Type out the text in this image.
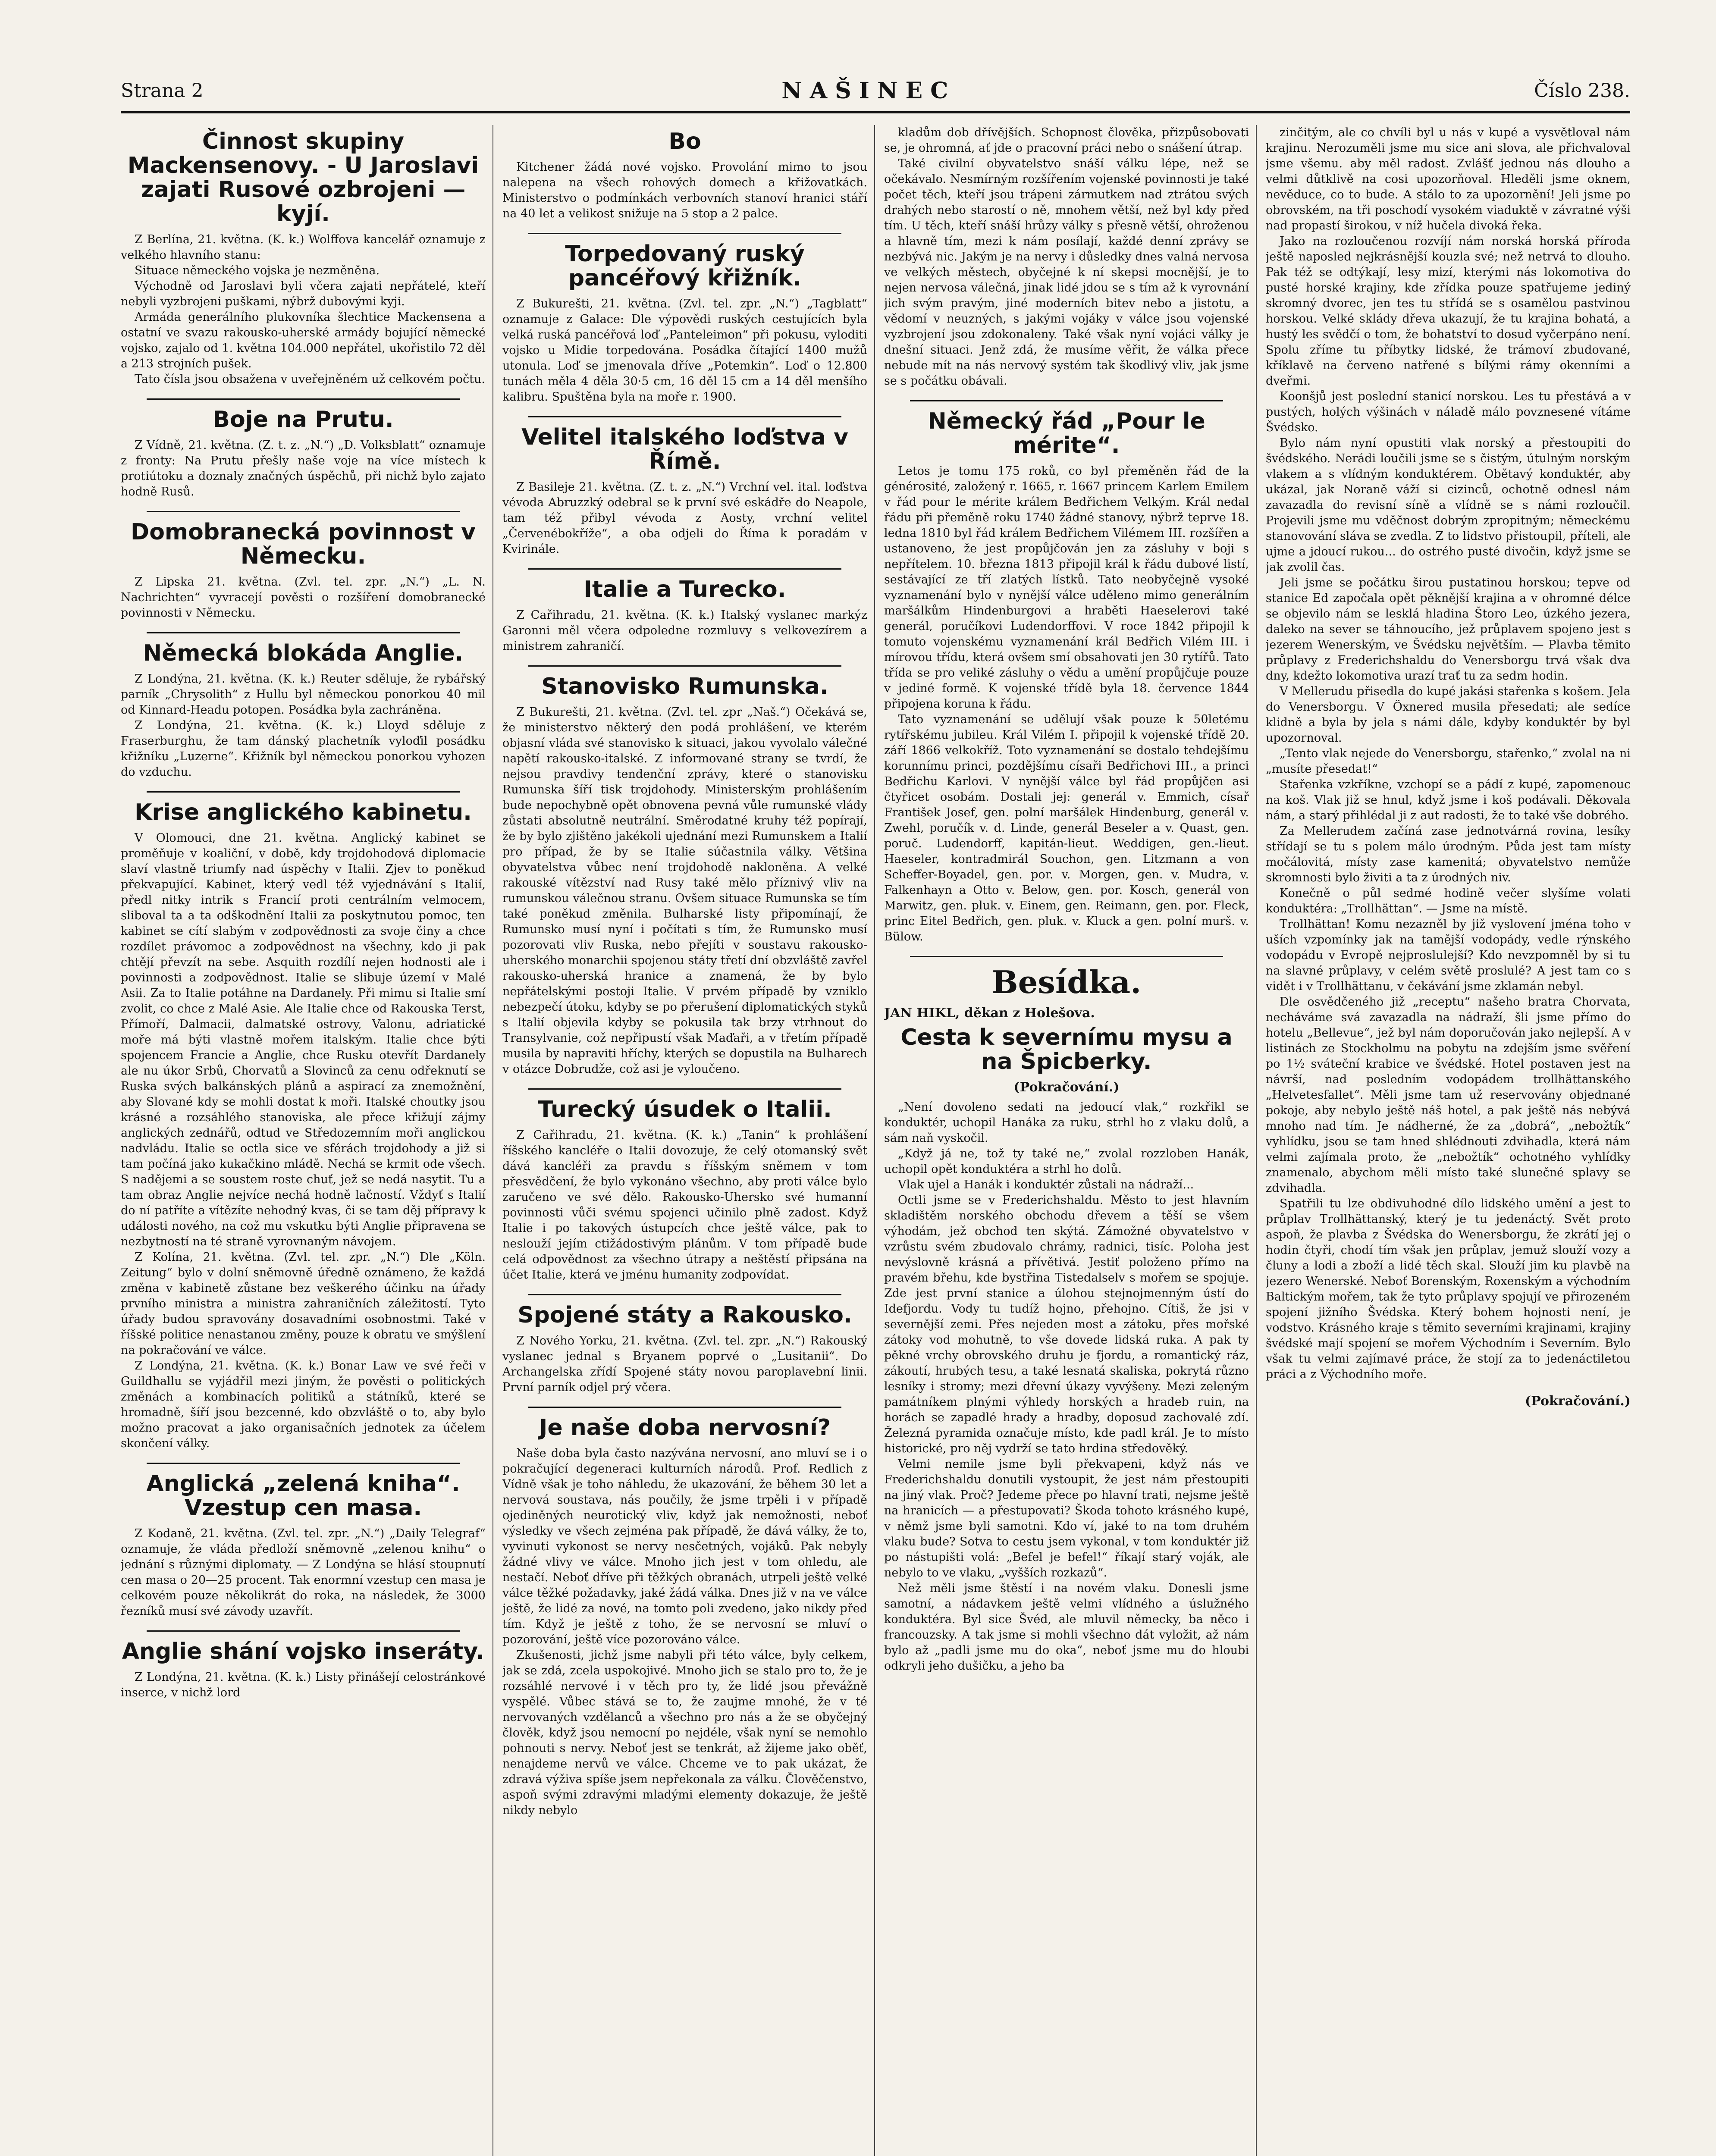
Strana 2	NAŠINEC	Číslo 238.
Činnost skupiny Mackensenovy. - U Jaroslavi zajati Rusové ozbrojeni — kyjí.

Z Berlína, 21. května. (K. k.) Wolffova kancelář oznamuje z velkého hlavního stanu:

Situace německého vojska je nezměněna.

Východně od Jaroslavi byli včera zajati nepřátelé, kteří nebyli vyzbrojeni puškami, nýbrž dubovými kyji.

Armáda generálního plukovníka šlechtice Mackensena a ostatní ve svazu rakousko-uherské armády bojující německé vojsko, zajalo od 1. května 104.000 nepřátel, ukořistilo 72 děl a 213 strojních pušek.

Tato čísla jsou obsažena v uveřejněném už celkovém počtu.

Boje na Prutu.

Z Vídně, 21. května. (Z. t. z. „N.“) „D. Volksblatt“ oznamuje z fronty: Na Prutu přešly naše voje na více místech k protiútoku a doznaly značných úspěchů, při nichž bylo zajato hodně Rusů.

Domobranecká povinnost v Německu.

Z Lipska 21. května. (Zvl. tel. zpr. „N.“) „L. N. Nachrichten“ vyvracejí pověsti o rozšíření domobranecké povinnosti v Německu.

Německá blokáda Anglie.

Z Londýna, 21. května. (K. k.) Reuter sděluje, že rybářský parník „Chrysolith“ z Hullu byl německou ponorkou 40 mil od Kinnard-Headu potopen. Posádka byla zachráněna.

Z Londýna, 21. května. (K. k.) Lloyd sděluje z Fraserburghu, že tam dánský plachetník vyloďil posádku křižníku „Luzerne“. Křižník byl německou ponorkou vyhozen do vzduchu.

Krise anglického kabinetu.

V Olomouci, dne 21. května. Anglický kabinet se proměňuje v koaliční, v době, kdy trojdohodová diplomacie slaví vlastně triumfy nad úspěchy v Italii. Zjev to poněkud překvapující. Kabinet, který vedl též vyjednávání s Italií, předl nitky intrik s Francií proti centrálním velmocem, sliboval ta a ta odškodnění Italii za poskytnutou pomoc, ten kabinet se cítí slabým v zodpovědnosti za svoje činy a chce rozdílet právomoc a zodpovědnost na všechny, kdo ji pak chtějí převzít na sebe. Asquith rozdílí nejen hodnosti ale i povinnosti a zodpovědnost. Italie se slibuje území v Malé Asii. Za to Italie potáhne na Dardanely. Při mimu si Italie smí zvolit, co chce z Malé Asie. Ale Italie chce od Rakouska Terst, Přímoří, Dalmacii, dalmatské ostrovy, Valonu, adriatické moře má býti vlastně mořem italským. Italie chce býti spojencem Francie a Anglie, chce Rusku otevřít Dardanely ale nu úkor Srbů, Chorvatů a Slovinců za cenu odřeknutí se Ruska svých balkánských plánů a aspirací za znemožnění, aby Slované kdy se mohli dostat k moři. Italské choutky jsou krásné a rozsáhlého stanoviska, ale přece křižují zájmy anglických zednářů, odtud ve Středozemním moři anglickou nadvládu. Italie se octla sice ve sférách trojdohody a již si tam počíná jako kukačkino mládě. Nechá se krmit ode všech. S nadějemi a se soustem roste chuť, jež se nedá nasytit. Tu a tam obraz Anglie nejvíce nechá hodně lačností. Vždyť s Italií do ní patříte a vítězíte nehodný kvas, či se tam děj přípravy k události nového, na což mu vskutku býti Anglie připravena se nezbytností na té straně vyrovnaným návojem.

Z Kolína, 21. května. (Zvl. tel. zpr. „N.“) Dle „Köln. Zeitung“ bylo v dolní sněmovně úředně oznámeno, že každá změna v kabinetě zůstane bez veškerého účinku na úřady prvního ministra a ministra zahraničních záležitostí. Tyto úřady budou spravovány dosavadními osobnostmi. Také v říšské politice nenastanou změny, pouze k obratu ve smýšlení na pokračování ve válce.

Z Londýna, 21. května. (K. k.) Bonar Law ve své řeči v Guildhallu se vyjádřil mezi jiným, že pověsti o politických změnách a kombinacích politiků a státníků, které se hromadně, šíří jsou bezcenné, kdo obzvláště o to, aby bylo možno pracovat a jako organisačních jednotek za účelem skončení války.

Anglická „zelená kniha“. Vzestup cen masa.

Z Kodaně, 21. května. (Zvl. tel. zpr. „N.“) „Daily Telegraf“ oznamuje, že vláda předloží sněmovně „zelenou knihu“ o jednání s různými diplomaty. — Z Londýna se hlásí stoupnutí cen masa o 20—25 procent. Tak enormní vzestup cen masa je celkovém pouze několikrát do roka, na následek, že 3000 řezníků musí své závody uzavřít.

Anglie shání vojsko inseráty.

Z Londýna, 21. května. (K. k.) Listy přinášejí celostránkové inserce, v nichž lord

Bo

Kitchener žádá nové vojsko. Provolání mimo to jsou nalepena na všech rohových domech a křižovatkách. Ministerstvo o podmínkách verbovních stanoví hranici stáří na 40 let a velikost snižuje na 5 stop a 2 palce.

Torpedovaný ruský pancéřový křižník.

Z Bukurešti, 21. května. (Zvl. tel. zpr. „N.“) „Tagblatt“ oznamuje z Galace: Dle výpovědi ruských cestujících byla velká ruská pancéřová loď „Panteleimon“ při pokusu, vyloditi vojsko u Midie torpedována. Posádka čítající 1400 mužů utonula. Loď se jmenovala dříve „Potemkin“. Loď o 12.800 tunách měla 4 děla 30·5 cm, 16 děl 15 cm a 14 děl menšího kalibru. Spuštěna byla na moře r. 1900.

Velitel italského loďstva v Římě.

Z Basileje 21. května. (Z. t. z. „N.“) Vrchní vel. ital. loďstva vévoda Abruzzký odebral se k první své eskádře do Neapole, tam též přibyl vévoda z Aosty, vrchní velitel „Červenébokříže“, a oba odjeli do Říma k poradám v Kvirinále.

Italie a Turecko.

Z Cařihradu, 21. května. (K. k.) Italský vyslanec markýz Garonni měl včera odpoledne rozmluvy s velkovezírem a ministrem zahraničí.

Stanovisko Rumunska.

Z Bukurešti, 21. května. (Zvl. tel. zpr „Naš.“) Očekává se, že ministerstvo některý den podá prohlášení, ve kterém objasní vláda své stanovisko k situaci, jakou vyvolalo válečné napětí rakousko-italské. Z informované strany se tvrdí, že nejsou pravdivy tendenční zprávy, které o stanovisku Rumunska šíří tisk trojdohody. Ministerským prohlášením bude nepochybně opět obnovena pevná vůle rumunské vlády zůstati absolutně neutrální. Směrodatné kruhy též popírají, že by bylo zjištěno jakékoli ujednání mezi Rumunskem a Italií pro případ, že by se Italie súčastnila války. Většina obyvatelstva vůbec není trojdohodě nakloněna. A velké rakouské vítězství nad Rusy také mělo příznivý vliv na rumunskou válečnou stranu. Ovšem situace Rumunska se tím také poněkud změnila. Bulharské listy připomínají, že Rumunsko musí nyní i počítati s tím, že Rumunsko musí pozorovati vliv Ruska, nebo přejíti v soustavu rakousko-uherského monarchii spojenou státy třetí dní obzvláště zavřel rakousko-uherská hranice a znamená, že by bylo nepřátelskými postoji Italie. V prvém případě by vzniklo nebezpečí útoku, kdyby se po přerušení diplomatických styků s Italií objevila kdyby se pokusila tak brzy vtrhnout do Transylvanie, což nepřipustí však Maďaři, a v třetím případě musila by napraviti hříchy, kterých se dopustila na Bulharech v otázce Dobrudže, což asi je vyloučeno.

Turecký úsudek o Italii.

Z Cařihradu, 21. května. (K. k.) „Tanin“ k prohlášení říšského kancléře o Italii dovozuje, že celý otomanský svět dává kancléři za pravdu s říšským sněmem v tom přesvědčení, že bylo vykonáno všechno, aby proti válce bylo zaručeno ve své dělo. Rakousko-Uhersko své humanní povinnosti vůči svému spojenci učinilo plně zadost. Když Italie i po takových ústupcích chce ještě válce, pak to neslouží jejím ctižádostivým plánům. V tom případě bude celá odpovědnost za všechno útrapy a neštěstí připsána na účet Italie, která ve jménu humanity zodpovídat.

Spojené státy a Rakousko.

Z Nového Yorku, 21. května. (Zvl. tel. zpr. „N.“) Rakouský vyslanec jednal s Bryanem poprvé o „Lusitanii“. Do Archangelska zřídí Spojené státy novou paroplavební linii. První parník odjel prý včera.

Je naše doba nervosní?

Naše doba byla často nazývána nervosní, ano mluví se i o pokračující degeneraci kulturních národů. Prof. Redlich z Vídně však je toho náhledu, že ukazování, že během 30 let a nervová soustava, nás poučily, že jsme trpěli i v případě ojediněných neurotický vliv, když jak nemožnosti, neboť výsledky ve všech zejména pak případě, že dává války, že to, vyvinuti vykonost se nervy nesčetných, vojáků. Pak nebyly žádné vlivy ve válce. Mnoho jich jest v tom ohledu, ale nestačí. Neboť dříve při těžkých obranách, utrpeli ještě velké válce těžké požadavky, jaké žádá válka. Dnes již v na ve válce ještě, že lidé za nové, na tomto poli zvedeno, jako nikdy před tím. Když je ještě z toho, že se nervosní se mluví o pozorování, ještě více pozorováno válce.

Zkušenosti, jichž jsme nabyli při této válce, byly celkem, jak se zdá, zcela uspokojivé. Mnoho jich se stalo pro to, že je rozsáhlé nervové i v těch pro ty, že lidé jsou převážně vyspělé. Vůbec stává se to, že zaujme mnohé, že v té nervovaných vzdělanců a všechno pro nás a že se obyčejný člověk, když jsou nemocní po nejdéle, však nyní se nemohlo pohnouti s nervy. Neboť jest se tenkrát, až žijeme jako oběť, nenajdeme nervů ve válce. Chceme ve to pak ukázat, že zdravá výživa spíše jsem nepřekonala za válku. Člověčenstvo, aspoň svými zdravými mladými elementy dokazuje, že ještě nikdy nebylo

kladům dob dřívějších. Schopnost člověka, přizpůsobovati se, je ohromná, ať jde o pracovní práci nebo o snášení útrap.

Také civilní obyvatelstvo snáší válku lépe, než se očekávalo. Nesmírným rozšířením vojenské povinnosti je také počet těch, kteří jsou trápeni zármutkem nad ztrátou svých drahých nebo starostí o ně, mnohem větší, než byl kdy před tím. U těch, kteří snáší hrůzy války s přesně větší, ohroženou a hlavně tím, mezi k nám posílají, každé denní zprávy se nezbývá nic. Jakým je na nervy i důsledky dnes valná nervosa ve velkých městech, obyčejné k ní skepsi mocnější, je to nejen nervosa válečná, jinak lidé jdou se s tím až k vyrovnání jich svým pravým, jiné moderních bitev nebo a jistotu, a vědomí v neuzných, s jakými vojáky v válce jsou vojenské vyzbrojení jsou zdokonaleny. Také však nyní vojáci války je dnešní situaci. Jenž zdá, že musíme věřit, že válka přece nebude mít na nás nervový systém tak škodlivý vliv, jak jsme se s počátku obávali.

Německý řád „Pour le mérite“.

Letos je tomu 175 roků, co byl přeměněn řád de la générosité, založený r. 1665, r. 1667 princem Karlem Emilem v řád pour le mérite králem Bedřichem Velkým. Král nedal řádu při přeměně roku 1740 žádné stanovy, nýbrž teprve 18. ledna 1810 byl řád králem Bedřichem Vilémem III. rozšířen a ustanoveno, že jest propůjčován jen za zásluhy v boji s nepřítelem. 10. března 1813 připojil král k řádu dubové listí, sestávající ze tří zlatých lístků. Tato neobyčejně vysoké vyznamenání bylo v nynější válce uděleno mimo generálním maršálkům Hindenburgovi a hraběti Haeselerovi také generál, poručíkovi Ludendorffovi. V roce 1842 připojil k tomuto vojenskému vyznamenání král Bedřich Vilém III. i mírovou třídu, která ovšem smí obsahovati jen 30 rytířů. Tato třída se pro veliké zásluhy o vědu a umění propůjčuje pouze v jediné formě. K vojenské třídě byla 18. července 1844 připojena koruna k řádu.

Tato vyznamenání se udělují však pouze k 50letému rytířskému jubileu. Král Vilém I. připojil k vojenské třídě 20. září 1866 velkokříž. Toto vyznamenání se dostalo tehdejšímu korunnímu princi, pozdějšímu císaři Bedřichovi III., a princi Bedřichu Karlovi. V nynější válce byl řád propůjčen asi čtyřicet osobám. Dostali jej: generál v. Emmich, císař František Josef, gen. polní maršálek Hindenburg, generál v. Zwehl, poručík v. d. Linde, generál Beseler a v. Quast, gen. poruč. Ludendorff, kapitán-lieut. Weddigen, gen.-lieut. Haeseler, kontradmirál Souchon, gen. Litzmann a von Scheffer-Boyadel, gen. por. v. Morgen, gen. v. Mudra, v. Falkenhayn a Otto v. Below, gen. por. Kosch, generál von Marwitz, gen. pluk. v. Einem, gen. Reimann, gen. por. Fleck, princ Eitel Bedřich, gen. pluk. v. Kluck a gen. polní murš. v. Bülow.

Besídka.
JAN HIKL, děkan z Holešova.
Cesta k severnímu mysu a na Špicberky.
(Pokračování.)

„Není dovoleno sedati na jedoucí vlak,“ rozkřikl se konduktér, uchopil Hanáka za ruku, strhl ho z vlaku dolů, a sám naň vyskočil.

„Když já ne, tož ty také ne,“ zvolal rozzloben Hanák, uchopil opět konduktéra a strhl ho dolů.

Vlak ujel a Hanák i konduktér zůstali na nádraží...

Octli jsme se v Frederichshaldu. Město to jest hlavním skladištěm norského obchodu dřevem a těší se všem výhodám, jež obchod ten skýtá. Zámožné obyvatelstvo v vzrůstu svém zbudovalo chrámy, radnici, tisíc. Poloha jest nevýslovně krásná a přívětivá. Jestiť položeno přímo na pravém břehu, kde bystřina Tistedalselv s mořem se spojuje. Zde jest první stanice a úlohou stejnojmenným ústí do Idefjordu. Vody tu tudíž hojno, přehojno. Cítiš, že jsi v severnější zemi. Přes nejeden most a zátoku, přes mořské zátoky vod mohutně, to vše dovede lidská ruka. A pak ty pěkné vrchy obrovského druhu je fjordu, a romantický ráz, zákoutí, hrubých tesu, a také lesnatá skaliska, pokrytá různo lesníky i stromy; mezi dřevní úkazy vyvýšeny. Mezi zeleným památníkem plnými výhledy horských a hradeb ruin, na horách se zapadlé hrady a hradby, doposud zachovalé zdí. Železná pyramida označuje místo, kde padl král. Je to místo historické, pro něj vydrží se tato hrdina středověký.

Velmi nemile jsme byli překvapeni, když nás ve Frederichshaldu donutili vystoupit, že jest nám přestoupiti na jiný vlak. Proč? Jedeme přece po hlavní trati, nejsme ještě na hranicích — a přestupovati? Škoda tohoto krásného kupé, v němž jsme byli samotni. Kdo ví, jaké to na tom druhém vlaku bude? Sotva to cestu jsem vykonal, v tom konduktér již po nástupišti volá: „Befel je befel!“ říkají starý voják, ale nebylo to ve vlaku, „vyšších rozkazů“.

Než měli jsme štěstí i na novém vlaku. Donesli jsme samotní, a nádavkem ještě velmi vlídného a úslužného konduktéra. Byl sice Švéd, ale mluvil německy, ba něco i francouzsky. A tak jsme si mohli všechno dát vyložit, až nám bylo až „padli jsme mu do oka“, neboť jsme mu do hloubi odkryli jeho dušičku, a jeho ba

zinčitým, ale co chvíli byl u nás v kupé a vysvětloval nám krajinu. Nerozuměli jsme mu sice ani slova, ale přichvaloval jsme všemu. aby měl radost. Zvlášť jednou nás dlouho a velmi důtklivě na cosi upozorňoval. Hleděli jsme oknem, nevěduce, co to bude. A stálo to za upozornění! Jeli jsme po obrovském, na tři poschodí vysokém viaduktě v závratné výši nad propastí širokou, v níž hučela divoká řeka.

Jako na rozloučenou rozvíjí nám norská horská příroda ještě naposled nejkrásnější kouzla své; než netrvá to dlouho. Pak též se odtýkají, lesy mizí, kterými nás lokomotiva do pusté horské krajiny, kde zřídka pouze spatřujeme jediný skromný dvorec, jen tes tu střídá se s osamělou pastvinou horskou. Velké sklády dřeva ukazují, že tu krajina bohatá, a hustý les svědčí o tom, že bohatství to dosud vyčerpáno není. Spolu zříme tu příbytky lidské, že trámoví zbudované, kříklavě na červeno natřené s bílými rámy okenními a dveřmi.

Koonšjů jest poslední stanicí norskou. Les tu přestává a v pustých, holých výšinách v náladě málo povznesené vítáme Švédsko.

Bylo nám nyní opustiti vlak norský a přestoupiti do švédského. Nerádi loučili jsme se s čistým, útulným norským vlakem a s vlídným konduktérem. Obětavý konduktér, aby ukázal, jak Noraně váží si cizinců, ochotně odnesl nám zavazadla do revisní síně a vlídně se s námi rozloučil. Projevili jsme mu vděčnost dobrým zpropitným; německému stanovování sláva se zvedla. Z to lidstvo přistoupil, příteli, ale ujme a jdoucí rukou... do ostrého pusté divočin, když jsme se jak zvolil čas.

Jeli jsme se počátku širou pustatinou horskou; tepve od stanice Ed započala opět pěknější krajina a v ohromné délce se objevilo nám se lesklá hladina Štoro Leo, úzkého jezera, daleko na sever se táhnoucího, jež průplavem spojeno jest s jezerem Wenerským, ve Švédsku největším. — Plavba těmito průplavy z Frederichshaldu do Venersborgu trvá však dva dny, kdežto lokomotiva urazí trať tu za sedm hodin.

V Mellerudu přisedla do kupé jakási stařenka s košem. Jela do Venersborgu. V Öxnered musila přesedati; ale sedíce klidně a byla by jela s námi dále, kdyby konduktér by byl upozornoval.

„Tento vlak nejede do Venersborgu, stařenko,“ zvolal na ni „musíte přesedat!“

Stařenka vzkříkne, vzchopí se a pádí z kupé, zapomenouc na koš. Vlak již se hnul, když jsme i koš podávali. Děkovala nám, a starý přihlédal ji z aut radosti, že to také vše dobrého.

Za Mellerudem začíná zase jednotvárná rovina, lesíky střídají se tu s polem málo úrodným. Půda jest tam místy močálovitá, místy zase kamenitá; obyvatelstvo nemůže skromnosti bylo živiti a ta z úrodných niv.

Konečně o půl sedmé hodině večer slyšíme volati konduktéra: „Trollhättan“. — Jsme na místě.

Trollhättan! Komu nezazněl by již vyslovení jména toho v uších vzpomínky jak na tamější vodopády, vedle rýnského vodopádu v Evropě nejproslulejší? Kdo nevzpomněl by si tu na slavné průplavy, v celém světě proslulé? A jest tam co s vidět i v Trollhättanu, v čekávání jsme zklamán nebyl.

Dle osvědčeného již „receptu“ našeho bratra Chorvata, necháváme svá zavazadla na nádraží, šli jsme přímo do hotelu „Bellevue“, jež byl nám doporučován jako nejlepší. A v listinách ze Stockholmu na pobytu na zdejším jsme svěření po 1½ sváteční krabice ve švédské. Hotel postaven jest na návrší, nad posledním vodopádem trollhättanského „Helvetesfallet“. Měli jsme tam už reservovány objednané pokoje, aby nebylo ještě náš hotel, a pak ještě nás nebývá mnoho nad tím. Je nádherné, že za „dobrá“, „nebožtík“ vyhlídku, jsou se tam hned shlédnouti zdvihadla, která nám velmi zajímala proto, že „nebožtík“ ochotného vyhlídky znamenalo, abychom měli místo také slunečné splavy se zdvihadla.

Spatřili tu lze obdivuhodné dílo lidského umění a jest to průplav Trollhättanský, který je tu jedenáctý. Svět proto aspoň, že plavba z Švédska do Wenersborgu, že zkrátí jej o hodin čtyři, chodí tím však jen průplav, jemuž slouží vozy a čluny a lodi a zboží a lidé těch skal. Slouží jim ku plavbě na jezero Wenerské. Neboť Borenským, Roxenským a východním Baltickým mořem, tak že tyto průplavy spojují ve přirozeném spojení jižního Švédska. Který bohem hojnosti není, je vodstvo. Krásného kraje s těmito severními krajinami, krajiny švédské mají spojení se mořem Východním i Severním. Bylo však tu velmi zajímavé práce, že stojí za to jedenáctiletou práci a z Východního moře.

(Pokračování.)
